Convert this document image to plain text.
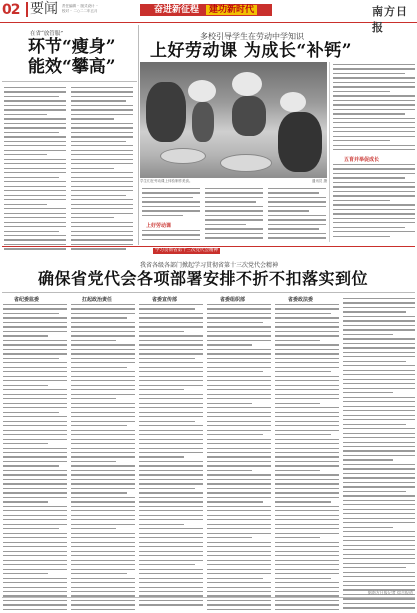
02 要闻 责任编辑 ·· 版式设计 ··
校对 ·· 二○二二年五月	奋进新征程	建功新时代	南方日报
在省“放管服”
环节“瘦身”
能效“攀高”
多校引导学生在劳动中学知识
上好劳动课 为成长“补钙”
学生们在劳动课上体验制作美食。	通讯员 摄
上好劳动课
五育并举促成长
学习贯彻省第十三次党代会精神
我省各级各部门掀起学习贯彻省第十三次党代会精神
确保省党代会各项部署安排不折不扣落实到位
省纪委监委	扛起政治责任	省委宣传部	省委组织部	省委政法委
据南方日报记者 综合报道
